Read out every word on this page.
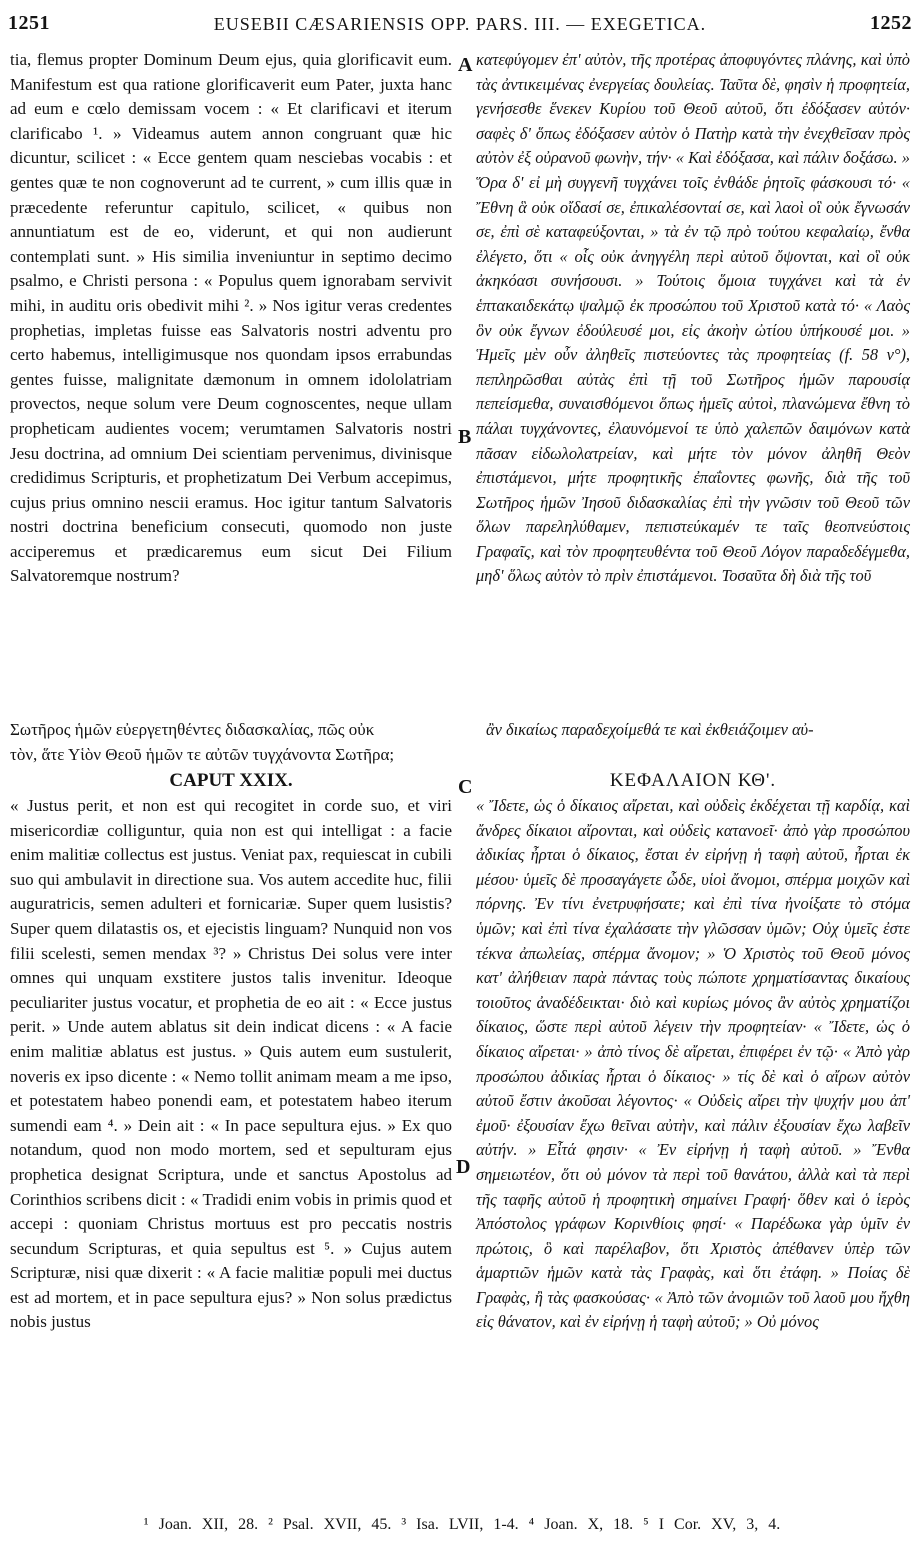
1251	EUSEBII CÆSARIENSIS OPP. PARS. III. — EXEGETICA.	1252

tia, flemus propter Dominum Deum ejus, quia glorificavit eum. Manifestum est qua ratione glorificaverit eum Pater, juxta hanc ad eum e cœlo demissam vocem : « Et clarificavi et iterum clarificabo ¹. » Videamus autem annon congruant quæ hic dicuntur, scilicet : « Ecce gentem quam nesciebas vocabis : et gentes quæ te non cognoverunt ad te current, » cum illis quæ in præcedente referuntur capitulo, scilicet, « quibus non annuntiatum est de eo, viderunt, et qui non audierunt contemplati sunt. » His similia inveniuntur in septimo decimo psalmo, e Christi persona : « Populus quem ignorabam servivit mihi, in auditu oris obedivit mihi ². » Nos igitur veras credentes prophetias, impletas fuisse eas Salvatoris nostri adventu pro certo habemus, intelligimusque nos quondam ipsos errabundas gentes fuisse, malignitate dæmonum in omnem idololatriam provectos, neque solum vere Deum cognoscentes, neque ullam propheticam audientes vocem; verumtamen Salvatoris nostri Jesu doctrina, ad omnium Dei scientiam pervenimus, divinisque credidimus Scripturis, et prophetizatum Dei Verbum accepimus, cujus prius omnino nescii eramus. Hoc igitur tantum Salvatoris nostri doctrina beneficium consecuti, quomodo non juste acciperemus et prædicaremus eum sicut Dei Filium Salvatoremque nostrum?

κατεφύγομεν ἐπ' αὐτὸν, τῆς προτέρας ἀποφυγόντες πλάνης, καὶ ὑπὸ τὰς ἀντικειμένας ἐνεργείας δουλείας. Ταῦτα δὲ, φησὶν ἡ προφητεία, γενήσεσθε ἕνεκεν Κυρίου τοῦ Θεοῦ αὐτοῦ, ὅτι ἐδόξασεν αὐτόν· σαφὲς δ' ὅπως ἐδόξασεν αὐτὸν ὁ Πατὴρ κατὰ τὴν ἐνεχθεῖσαν πρὸς αὐτὸν ἐξ οὐρανοῦ φωνὴν, τήν· « Καὶ ἐδόξασα, καὶ πάλιν δοξάσω. » Ὅρα δ' εἰ μὴ συγγενῆ τυγχάνει τοῖς ἐνθάδε ῥητοῖς φάσκουσι τό· « Ἔθνη ἃ οὐκ οἴδασί σε, ἐπικαλέσονταί σε, καὶ λαοὶ οἳ οὐκ ἔγνωσάν σε, ἐπὶ σὲ καταφεύξονται, » τὰ ἐν τῷ πρὸ τούτου κεφαλαίῳ, ἔνθα ἐλέγετο, ὅτι « οἷς οὐκ ἀνηγγέλη περὶ αὐτοῦ ὄψονται, καὶ οἳ οὐκ ἀκηκόασι συνήσουσι. » Τούτοις ὅμοια τυγχάνει καὶ τὰ ἐν ἑπτακαιδεκάτῳ ψαλμῷ ἐκ προσώπου τοῦ Χριστοῦ κατὰ τό· « Λαὸς ὃν οὐκ ἔγνων ἐδούλευσέ μοι, εἰς ἀκοὴν ὠτίου ὑπήκουσέ μοι. » Ἡμεῖς μὲν οὖν ἀληθεῖς πιστεύοντες τὰς προφητείας (f. 58 v°), πεπληρῶσθαι αὐτὰς ἐπὶ τῇ τοῦ Σωτῆρος ἡμῶν παρουσίᾳ πεπείσμεθα, συναισθόμενοι ὅπως ἡμεῖς αὐτοὶ, πλανώμενα ἔθνη τὸ πάλαι τυγχάνοντες, ἐλαυνόμενοί τε ὑπὸ χαλεπῶν δαιμόνων κατὰ πᾶσαν εἰδωλολατρείαν, καὶ μήτε τὸν μόνον ἀληθῆ Θεὸν ἐπιστάμενοι, μήτε προφητικῆς ἐπαΐοντες φωνῆς, διὰ τῆς τοῦ Σωτῆρος ἡμῶν Ἰησοῦ διδασκαλίας ἐπὶ τὴν γνῶσιν τοῦ Θεοῦ τῶν ὅλων παρεληλύθαμεν, πεπιστεύκαμέν τε ταῖς θεοπνεύστοις Γραφαῖς, καὶ τὸν προφητευθέντα τοῦ Θεοῦ Λόγον παραδεδέγμεθα, μηδ' ὅλως αὐτὸν τὸ πρὶν ἐπιστάμενοι. Τοσαῦτα δὴ διὰ τῆς τοῦ

A
B
C
D
Σωτῆρος ἡμῶν εὐεργετηθέντες διδασκαλίας, πῶς οὐκ	ἂν δικαίως παραδεχοίμεθά τε καὶ ἐκθειάζοιμεν αὐ-
τὸν, ἅτε Υἱὸν Θεοῦ ἡμῶν τε αὐτῶν τυγχάνοντα Σωτῆρα;
CAPUT XXIX.	ΚΕΦΑΛΑΙΟΝ ΚΘ'.

« Justus perit, et non est qui recogitet in corde suo, et viri misericordiæ colliguntur, quia non est qui intelligat : a facie enim malitiæ collectus est justus. Veniat pax, requiescat in cubili suo qui ambulavit in directione sua. Vos autem accedite huc, filii auguratricis, semen adulteri et fornicariæ. Super quem lusistis? Super quem dilatastis os, et ejecistis linguam? Nunquid non vos filii scelesti, semen mendax ³? » Christus Dei solus vere inter omnes qui unquam exstitere justos talis invenitur. Ideoque peculiariter justus vocatur, et prophetia de eo ait : « Ecce justus perit. » Unde autem ablatus sit dein indicat dicens : « A facie enim malitiæ ablatus est justus. » Quis autem eum sustulerit, noveris ex ipso dicente : « Nemo tollit animam meam a me ipso, et potestatem habeo ponendi eam, et potestatem habeo iterum sumendi eam ⁴. » Dein ait : « In pace sepultura ejus. » Ex quo notandum, quod non modo mortem, sed et sepulturam ejus prophetica designat Scriptura, unde et sanctus Apostolus ad Corinthios scribens dicit : « Tradidi enim vobis in primis quod et accepi : quoniam Christus mortuus est pro peccatis nostris secundum Scripturas, et quia sepultus est ⁵. » Cujus autem Scripturæ, nisi quæ dixerit : « A facie malitiæ populi mei ductus est ad mortem, et in pace sepultura ejus? » Non solus prædictus nobis justus

« Ἴδετε, ὡς ὁ δίκαιος αἴρεται, καὶ οὐδεὶς ἐκδέχεται τῇ καρδίᾳ, καὶ ἄνδρες δίκαιοι αἴρονται, καὶ οὐδεὶς κατανοεῖ· ἀπὸ γὰρ προσώπου ἀδικίας ἦρται ὁ δίκαιος, ἔσται ἐν εἰρήνῃ ἡ ταφὴ αὐτοῦ, ἦρται ἐκ μέσου· ὑμεῖς δὲ προσαγάγετε ὧδε, υἱοὶ ἄνομοι, σπέρμα μοιχῶν καὶ πόρνης. Ἐν τίνι ἐνετρυφήσατε; καὶ ἐπὶ τίνα ἠνοίξατε τὸ στόμα ὑμῶν; καὶ ἐπὶ τίνα ἐχαλάσατε τὴν γλῶσσαν ὑμῶν; Οὐχ ὑμεῖς ἐστε τέκνα ἀπωλείας, σπέρμα ἄνομον; » Ὁ Χριστὸς τοῦ Θεοῦ μόνος κατ' ἀλήθειαν παρὰ πάντας τοὺς πώποτε χρηματίσαντας δικαίους τοιοῦτος ἀναδέδεικται· διὸ καὶ κυρίως μόνος ἂν αὐτὸς χρηματίζοι δίκαιος, ὥστε περὶ αὐτοῦ λέγειν τὴν προφητείαν· « Ἴδετε, ὡς ὁ δίκαιος αἴρεται· » ἀπὸ τίνος δὲ αἴρεται, ἐπιφέρει ἐν τῷ· « Ἀπὸ γὰρ προσώπου ἀδικίας ἦρται ὁ δίκαιος· » τίς δὲ καὶ ὁ αἴρων αὐτὸν αὐτοῦ ἔστιν ἀκοῦσαι λέγοντος· « Οὐδεὶς αἴρει τὴν ψυχήν μου ἀπ' ἐμοῦ· ἐξουσίαν ἔχω θεῖναι αὐτὴν, καὶ πάλιν ἐξουσίαν ἔχω λαβεῖν αὐτήν. » Εἶτά φησιν· « Ἐν εἰρήνῃ ἡ ταφὴ αὐτοῦ. » Ἔνθα σημειωτέον, ὅτι οὐ μόνον τὰ περὶ τοῦ θανάτου, ἀλλὰ καὶ τὰ περὶ τῆς ταφῆς αὐτοῦ ἡ προφητικὴ σημαίνει Γραφή· ὅθεν καὶ ὁ ἱερὸς Ἀπόστολος γράφων Κορινθίοις φησί· « Παρέδωκα γὰρ ὑμῖν ἐν πρώτοις, ὃ καὶ παρέλαβον, ὅτι Χριστὸς ἀπέθανεν ὑπὲρ τῶν ἁμαρτιῶν ἡμῶν κατὰ τὰς Γραφὰς, καὶ ὅτι ἐτάφη. » Ποίας δὲ Γραφὰς, ἢ τὰς φασκούσας· « Ἀπὸ τῶν ἀνομιῶν τοῦ λαοῦ μου ἤχθη εἰς θάνατον, καὶ ἐν εἰρήνῃ ἡ ταφὴ αὐτοῦ; » Οὐ μόνος

¹ Joan. XII, 28. ² Psal. XVII, 45. ³ Isa. LVII, 1-4. ⁴ Joan. X, 18. ⁵ I Cor. XV, 3, 4.
